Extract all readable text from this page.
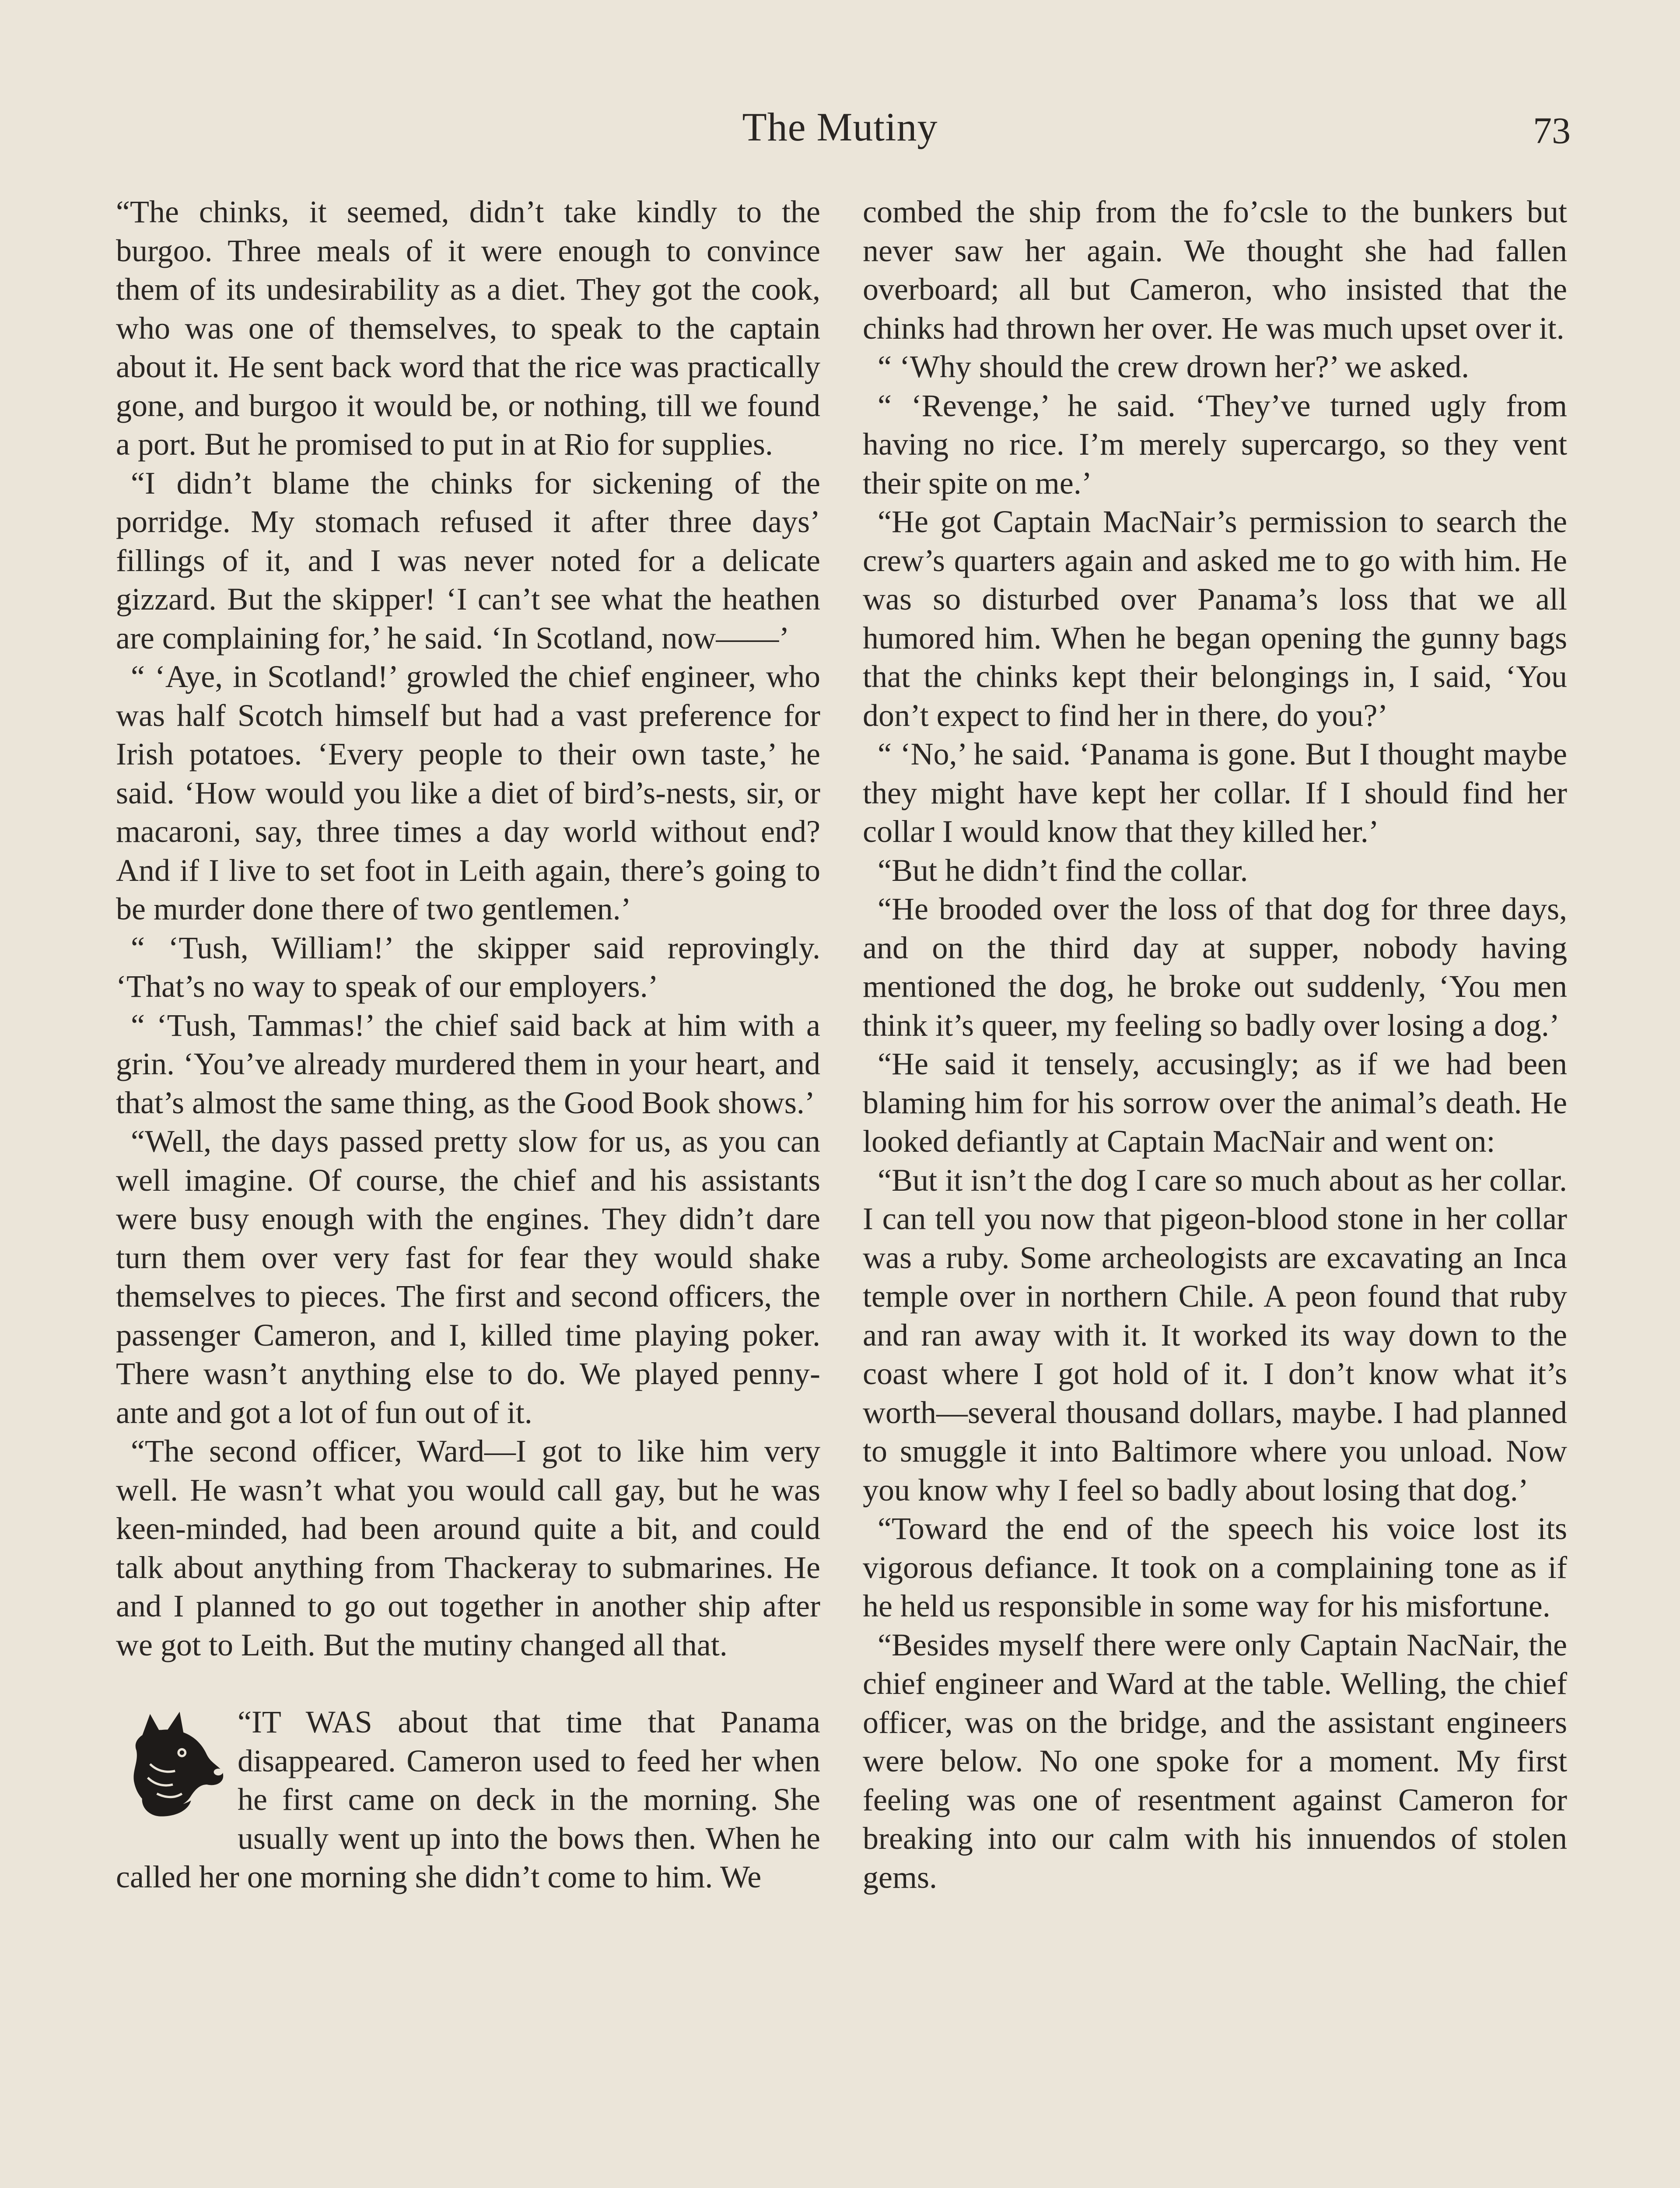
The Mutiny	73

“The chinks, it seemed, didn’t take kindly to the burgoo. Three meals of it were enough to convince them of its undesirability as a diet. They got the cook, who was one of themselves, to speak to the captain about it. He sent back word that the rice was practically gone, and burgoo it would be, or nothing, till we found a port. But he promised to put in at Rio for supplies.

“I didn’t blame the chinks for sickening of the porridge. My stomach refused it after three days’ fillings of it, and I was never noted for a delicate gizzard. But the skipper! ‘I can’t see what the heathen are complaining for,’ he said. ‘In Scotland, now——’

“ ‘Aye, in Scotland!’ growled the chief engineer, who was half Scotch himself but had a vast preference for Irish potatoes. ‘Every people to their own taste,’ he said. ‘How would you like a diet of bird’s-nests, sir, or macaroni, say, three times a day world without end? And if I live to set foot in Leith again, there’s going to be murder done there of two gentlemen.’

“ ‘Tush, William!’ the skipper said reprovingly. ‘That’s no way to speak of our employers.’

“ ‘Tush, Tammas!’ the chief said back at him with a grin. ‘You’ve already murdered them in your heart, and that’s almost the same thing, as the Good Book shows.’

“Well, the days passed pretty slow for us, as you can well imagine. Of course, the chief and his assistants were busy enough with the engines. They didn’t dare turn them over very fast for fear they would shake themselves to pieces. The first and second officers, the passenger Cameron, and I, killed time playing poker. There wasn’t anything else to do. We played penny-ante and got a lot of fun out of it.

“The second officer, Ward—I got to like him very well. He wasn’t what you would call gay, but he was keen-minded, had been around quite a bit, and could talk about anything from Thackeray to submarines. He and I planned to go out together in another ship after we got to Leith. But the mutiny changed all that.

“IT WAS about that time that Panama disappeared. Cameron used to feed her when he first came on deck in the morning. She usually went up into the bows then. When he called her one morning she didn’t come to him. We

combed the ship from the fo’csle to the bunkers but never saw her again. We thought she had fallen overboard; all but Cameron, who insisted that the chinks had thrown her over. He was much upset over it.

“ ‘Why should the crew drown her?’ we asked.

“ ‘Revenge,’ he said. ‘They’ve turned ugly from having no rice. I’m merely supercargo, so they vent their spite on me.’

“He got Captain MacNair’s permission to search the crew’s quarters again and asked me to go with him. He was so disturbed over Panama’s loss that we all humored him. When he began opening the gunny bags that the chinks kept their belongings in, I said, ‘You don’t expect to find her in there, do you?’

“ ‘No,’ he said. ‘Panama is gone. But I thought maybe they might have kept her collar. If I should find her collar I would know that they killed her.’

“But he didn’t find the collar.

“He brooded over the loss of that dog for three days, and on the third day at supper, nobody having mentioned the dog, he broke out suddenly, ‘You men think it’s queer, my feeling so badly over losing a dog.’

“He said it tensely, accusingly; as if we had been blaming him for his sorrow over the animal’s death. He looked defiantly at Captain MacNair and went on:

“But it isn’t the dog I care so much about as her collar. I can tell you now that pigeon-blood stone in her collar was a ruby. Some archeologists are excavating an Inca temple over in northern Chile. A peon found that ruby and ran away with it. It worked its way down to the coast where I got hold of it. I don’t know what it’s worth—several thousand dollars, maybe. I had planned to smuggle it into Baltimore where you unload. Now you know why I feel so badly about losing that dog.’

“Toward the end of the speech his voice lost its vigorous defiance. It took on a complaining tone as if he held us responsible in some way for his misfortune.

“Besides myself there were only Captain NacNair, the chief engineer and Ward at the table. Welling, the chief officer, was on the bridge, and the assistant engineers were below. No one spoke for a moment. My first feeling was one of resentment against Cameron for breaking into our calm with his innuendos of stolen gems.
